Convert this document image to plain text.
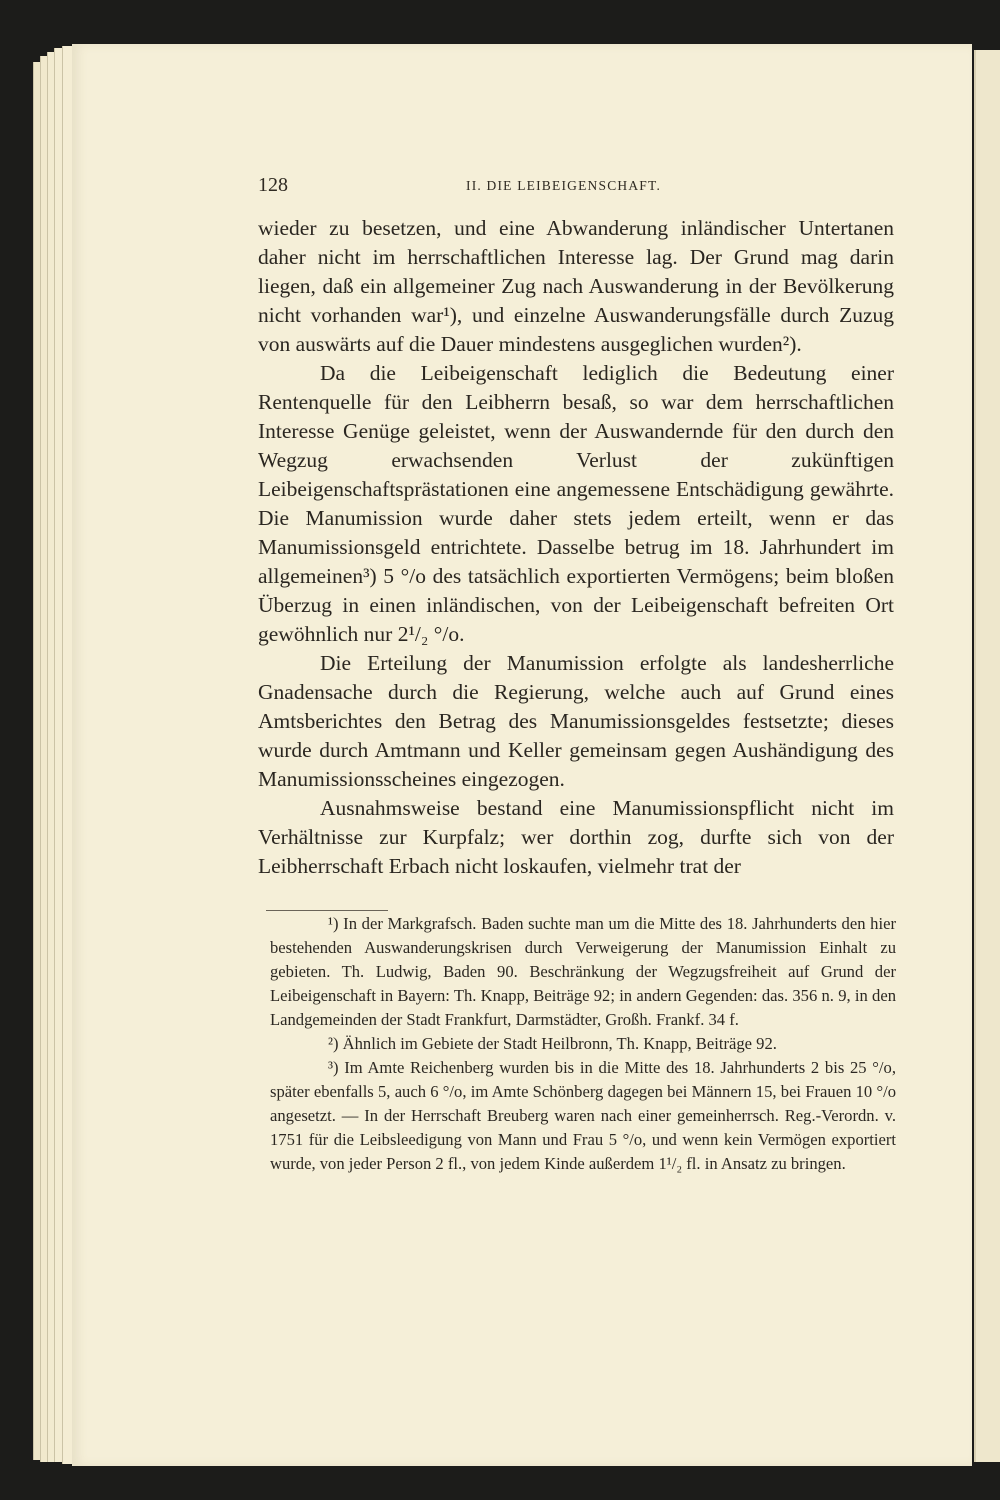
128	II. DIE LEIBEIGENSCHAFT.

wieder zu besetzen, und eine Abwanderung inländischer Untertanen daher nicht im herrschaftlichen Interesse lag. Der Grund mag darin liegen, daß ein allgemeiner Zug nach Auswanderung in der Bevölkerung nicht vorhanden war¹), und einzelne Auswanderungsfälle durch Zuzug von auswärts auf die Dauer mindestens ausgeglichen wurden²).

Da die Leibeigenschaft lediglich die Bedeutung einer Rentenquelle für den Leibherrn besaß, so war dem herrschaftlichen Interesse Genüge geleistet, wenn der Auswandernde für den durch den Wegzug erwachsenden Verlust der zukünftigen Leibeigenschaftsprästationen eine angemessene Entschädigung gewährte. Die Manumission wurde daher stets jedem erteilt, wenn er das Manumissionsgeld entrichtete. Dasselbe betrug im 18. Jahrhundert im allgemeinen³) 5 °/o des tatsächlich exportierten Vermögens; beim bloßen Überzug in einen inländischen, von der Leibeigenschaft befreiten Ort gewöhnlich nur 2¹/₂ °/o.

Die Erteilung der Manumission erfolgte als landesherrliche Gnadensache durch die Regierung, welche auch auf Grund eines Amtsberichtes den Betrag des Manumissionsgeldes festsetzte; dieses wurde durch Amtmann und Keller gemeinsam gegen Aushändigung des Manumissionsscheines eingezogen.

Ausnahmsweise bestand eine Manumissionspflicht nicht im Verhältnisse zur Kurpfalz; wer dorthin zog, durfte sich von der Leibherrschaft Erbach nicht loskaufen, vielmehr trat der

¹) In der Markgrafsch. Baden suchte man um die Mitte des 18. Jahrhunderts den hier bestehenden Auswanderungskrisen durch Verweigerung der Manumission Einhalt zu gebieten. Th. Ludwig, Baden 90. Beschränkung der Wegzugsfreiheit auf Grund der Leibeigenschaft in Bayern: Th. Knapp, Beiträge 92; in andern Gegenden: das. 356 n. 9, in den Landgemeinden der Stadt Frankfurt, Darmstädter, Großh. Frankf. 34 f.

²) Ähnlich im Gebiete der Stadt Heilbronn, Th. Knapp, Beiträge 92.

³) Im Amte Reichenberg wurden bis in die Mitte des 18. Jahrhunderts 2 bis 25 °/o, später ebenfalls 5, auch 6 °/o, im Amte Schönberg dagegen bei Männern 15, bei Frauen 10 °/o angesetzt. — In der Herrschaft Breuberg waren nach einer gemeinherrsch. Reg.-Verordn. v. 1751 für die Leibsleedigung von Mann und Frau 5 °/o, und wenn kein Vermögen exportiert wurde, von jeder Person 2 fl., von jedem Kinde außerdem 1¹/₂ fl. in Ansatz zu bringen.
